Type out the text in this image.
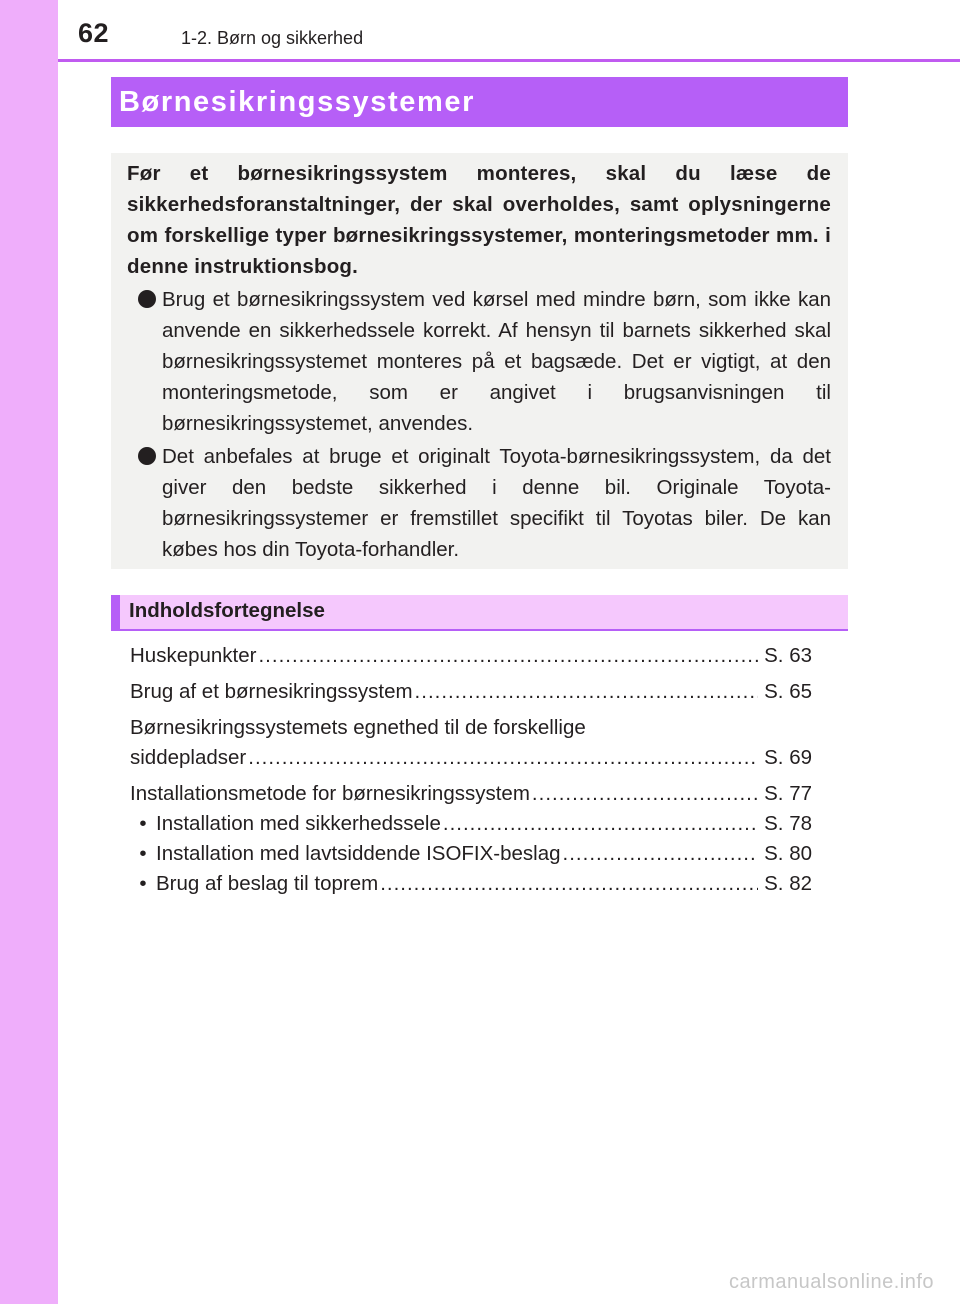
62	1-2. Børn og sikkerhed
Børnesikringssystemer

Før et børnesikringssystem monteres, skal du læse de sikkerhedsforanstaltninger, der skal overholdes, samt oplysningerne om forskellige typer børnesikringssystemer, monteringsmetoder mm. i denne instruktionsbog.

Brug et børnesikringssystem ved kørsel med mindre børn, som ikke kan anvende en sikkerhedssele korrekt. Af hensyn til barnets sikkerhed skal børnesikringssystemet monteres på et bagsæde. Det er vigtigt, at den monteringsmetode, som er angivet i brugsanvisningen til børnesikringssystemet, anvendes.
Det anbefales at bruge et originalt Toyota-børnesikringssystem, da det giver den bedste sikkerhed i denne bil. Originale Toyota-børnesikringssystemer er fremstillet specifikt til Toyotas biler. De kan købes hos din Toyota-forhandler.
Indholdsfortegnelse
Huskepunkter .....	S. 63
Brug af et børnesikringssystem .....	S. 65
Børnesikringssystemets egnethed til de forskellige
siddepladser .....	S. 69
Installationsmetode for børnesikringssystem .....	S. 77
• Installation med sikkerhedssele .....	S. 78
• Installation med lavtsiddende ISOFIX-beslag .....	S. 80
• Brug af beslag til toprem .....	S. 82
carmanualsonline.info
